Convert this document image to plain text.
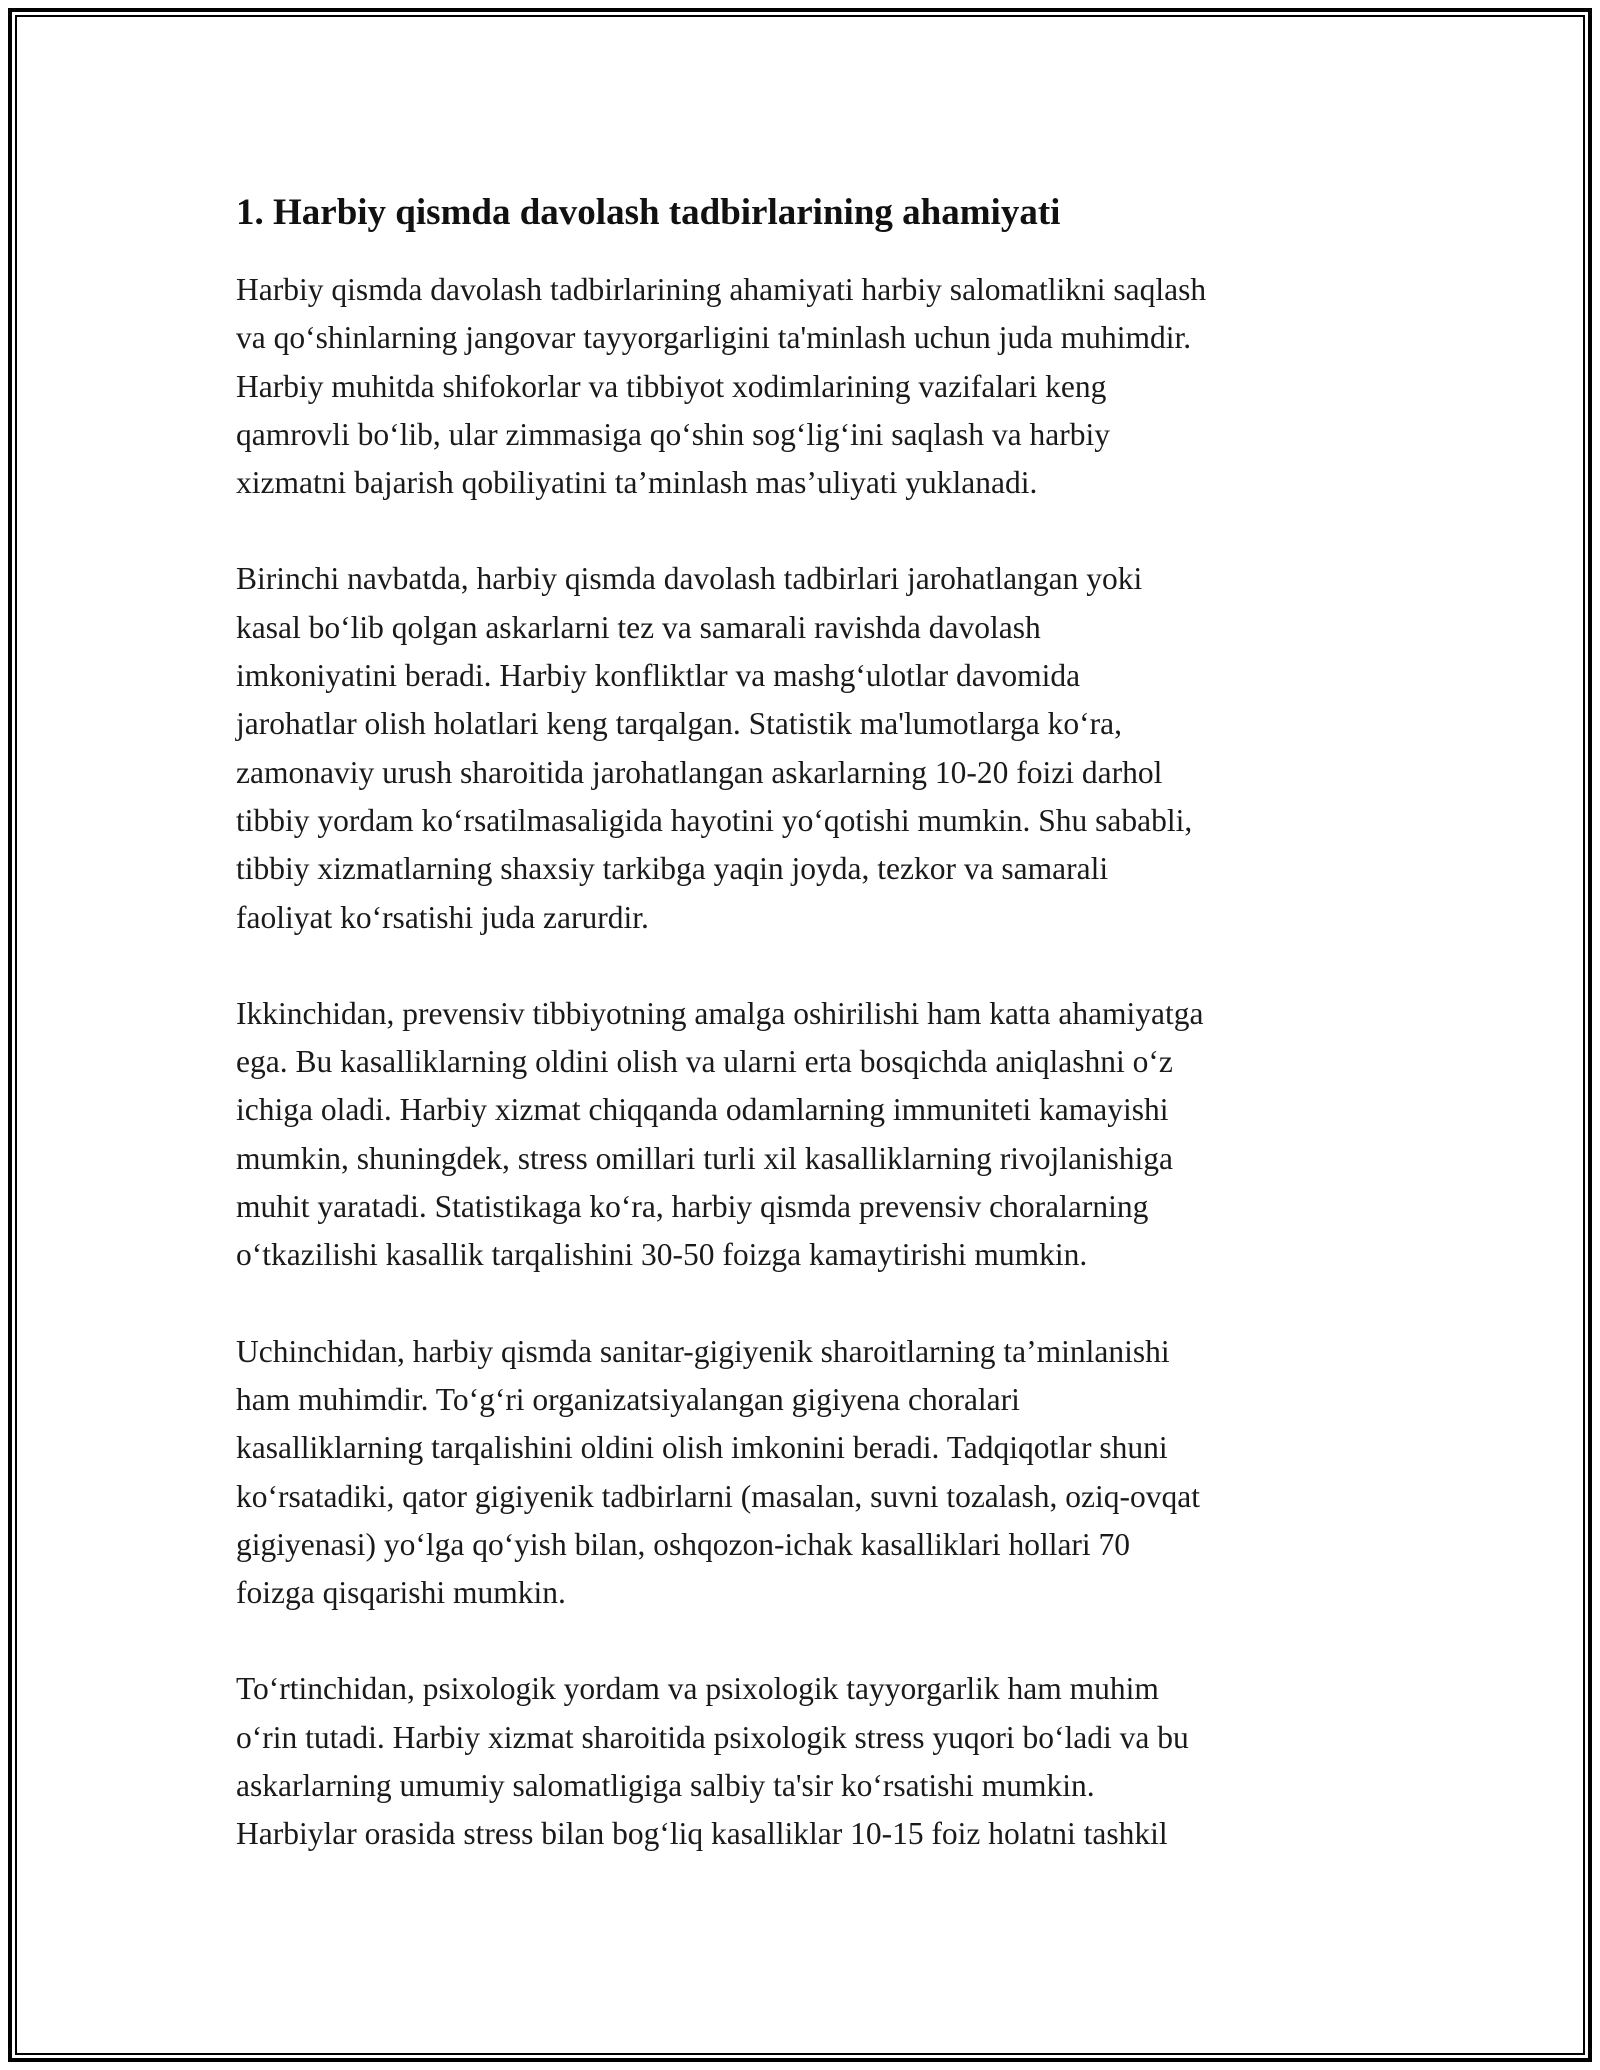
1. Harbiy qismda davolash tadbirlarining ahamiyati

Harbiy qismda davolash tadbirlarining ahamiyati harbiy salomatlikni saqlash
va qo‘shinlarning jangovar tayyorgarligini ta'minlash uchun juda muhimdir.
Harbiy muhitda shifokorlar va tibbiyot xodimlarining vazifalari keng
qamrovli bo‘lib, ular zimmasiga qo‘shin sog‘lig‘ini saqlash va harbiy
xizmatni bajarish qobiliyatini ta’minlash mas’uliyati yuklanadi.

Birinchi navbatda, harbiy qismda davolash tadbirlari jarohatlangan yoki
kasal bo‘lib qolgan askarlarni tez va samarali ravishda davolash
imkoniyatini beradi. Harbiy konfliktlar va mashg‘ulotlar davomida
jarohatlar olish holatlari keng tarqalgan. Statistik ma'lumotlarga ko‘ra,
zamonaviy urush sharoitida jarohatlangan askarlarning 10-20 foizi darhol
tibbiy yordam ko‘rsatilmasaligida hayotini yo‘qotishi mumkin. Shu sababli,
tibbiy xizmatlarning shaxsiy tarkibga yaqin joyda, tezkor va samarali
faoliyat ko‘rsatishi juda zarurdir.

Ikkinchidan, prevensiv tibbiyotning amalga oshirilishi ham katta ahamiyatga
ega. Bu kasalliklarning oldini olish va ularni erta bosqichda aniqlashni o‘z
ichiga oladi. Harbiy xizmat chiqqanda odamlarning immuniteti kamayishi
mumkin, shuningdek, stress omillari turli xil kasalliklarning rivojlanishiga
muhit yaratadi. Statistikaga ko‘ra, harbiy qismda prevensiv choralarning
o‘tkazilishi kasallik tarqalishini 30-50 foizga kamaytirishi mumkin.

Uchinchidan, harbiy qismda sanitar-gigiyenik sharoitlarning ta’minlanishi
ham muhimdir. To‘g‘ri organizatsiyalangan gigiyena choralari
kasalliklarning tarqalishini oldini olish imkonini beradi. Tadqiqotlar shuni
ko‘rsatadiki, qator gigiyenik tadbirlarni (masalan, suvni tozalash, oziq-ovqat
gigiyenasi) yo‘lga qo‘yish bilan, oshqozon-ichak kasalliklari hollari 70
foizga qisqarishi mumkin.

To‘rtinchidan, psixologik yordam va psixologik tayyorgarlik ham muhim
o‘rin tutadi. Harbiy xizmat sharoitida psixologik stress yuqori bo‘ladi va bu
askarlarning umumiy salomatligiga salbiy ta'sir ko‘rsatishi mumkin.
Harbiylar orasida stress bilan bog‘liq kasalliklar 10-15 foiz holatni tashkil
